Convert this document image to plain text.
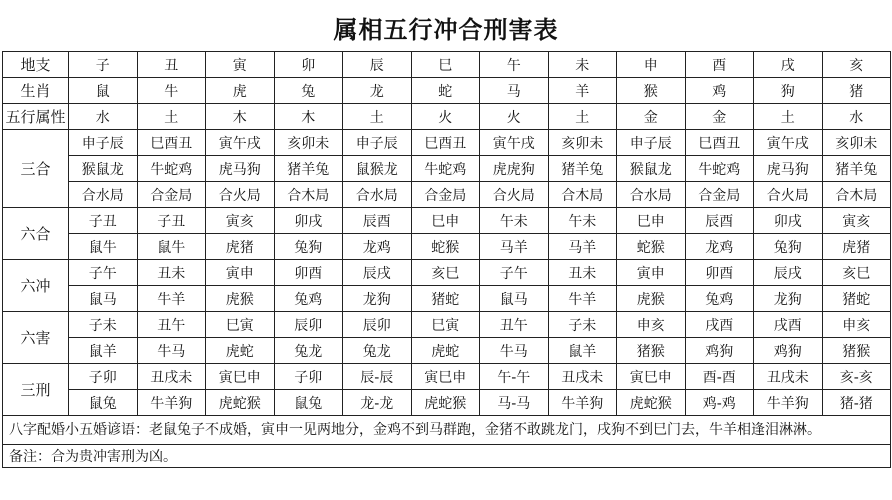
属相五行冲合刑害表
地支	子	丑	寅	卯	辰	巳	午	未	申	酉	戌	亥
生肖	鼠	牛	虎	兔	龙	蛇	马	羊	猴	鸡	狗	猪
五行属性	水	土	木	木	土	火	火	土	金	金	土	水
三合	申子辰	巳酉丑	寅午戌	亥卯未	申子辰	巳酉丑	寅午戌	亥卯未	申子辰	巳酉丑	寅午戌	亥卯未
	猴鼠龙	牛蛇鸡	虎马狗	猪羊兔	鼠猴龙	牛蛇鸡	虎虎狗	猪羊兔	猴鼠龙	牛蛇鸡	虎马狗	猪羊兔
	合水局	合金局	合火局	合木局	合水局	合金局	合火局	合木局	合水局	合金局	合火局	合木局
六合	子丑	子丑	寅亥	卯戌	辰酉	巳申	午未	午未	巳申	辰酉	卯戌	寅亥
	鼠牛	鼠牛	虎猪	兔狗	龙鸡	蛇猴	马羊	马羊	蛇猴	龙鸡	兔狗	虎猪
六冲	子午	丑未	寅申	卯酉	辰戌	亥巳	子午	丑未	寅申	卯酉	辰戌	亥巳
	鼠马	牛羊	虎猴	兔鸡	龙狗	猪蛇	鼠马	牛羊	虎猴	兔鸡	龙狗	猪蛇
六害	子未	丑午	巳寅	辰卯	辰卯	巳寅	丑午	子未	申亥	戌酉	戌酉	申亥
	鼠羊	牛马	虎蛇	兔龙	兔龙	虎蛇	牛马	鼠羊	猪猴	鸡狗	鸡狗	猪猴
三刑	子卯	丑戌未	寅巳申	子卯	辰-辰	寅巳申	午-午	丑戌未	寅巳申	酉-酉	丑戌未	亥-亥
	鼠兔	牛羊狗	虎蛇猴	鼠兔	龙-龙	虎蛇猴	马-马	牛羊狗	虎蛇猴	鸡-鸡	牛羊狗	猪-猪
八字配婚小五婚谚语：老鼠兔子不成婚，寅申一见两地分，金鸡不到马群跑，金猪不敢跳龙门，戌狗不到巳门去，牛羊相逢泪淋淋。												
备注：合为贵冲害刑为凶。												
